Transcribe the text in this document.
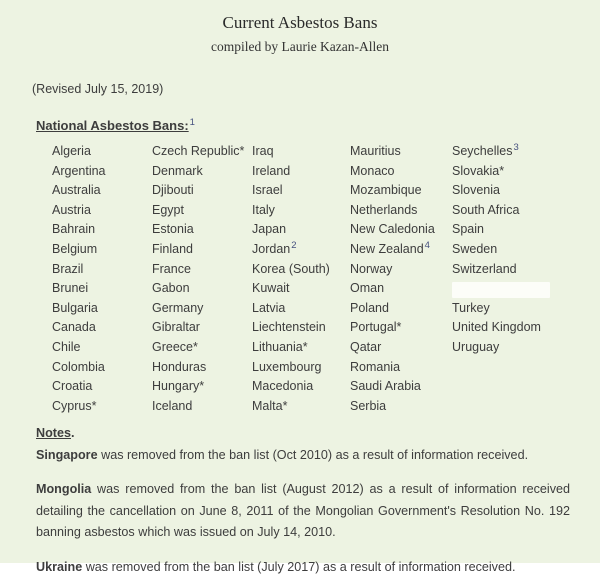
Current Asbestos Bans
compiled by Laurie Kazan-Allen
(Revised July 15, 2019)
National Asbestos Bans:$^1$
Algeria
Argentina
Australia
Austria
Bahrain
Belgium
Brazil
Brunei
Bulgaria
Canada
Chile
Colombia
Croatia
Cyprus*
Czech Republic*
Denmark
Djibouti
Egypt
Estonia
Finland
France
Gabon
Germany
Gibraltar
Greece*
Honduras
Hungary*
Iceland
Iraq
Ireland
Israel
Italy
Japan
Jordan$^2$
Korea (South)
Kuwait
Latvia
Liechtenstein
Lithuania*
Luxembourg
Macedonia
Malta*
Mauritius
Monaco
Mozambique
Netherlands
New Caledonia
New Zealand$^4$
Norway
Oman
Poland
Portugal*
Qatar
Romania
Saudi Arabia
Serbia
Seychelles$^3$
Slovakia*
Slovenia
South Africa
Spain
Sweden
Switzerland
Turkey
United Kingdom
Uruguay
Notes.

Singapore was removed from the ban list (Oct 2010) as a result of information received.

Mongolia was removed from the ban list (August 2012) as a result of information received detailing the cancellation on June 8, 2011 of the Mongolian Government's Resolution No. 192 banning asbestos which was issued on July 14, 2010.

Ukraine was removed from the ban list (July 2017) as a result of information received.
